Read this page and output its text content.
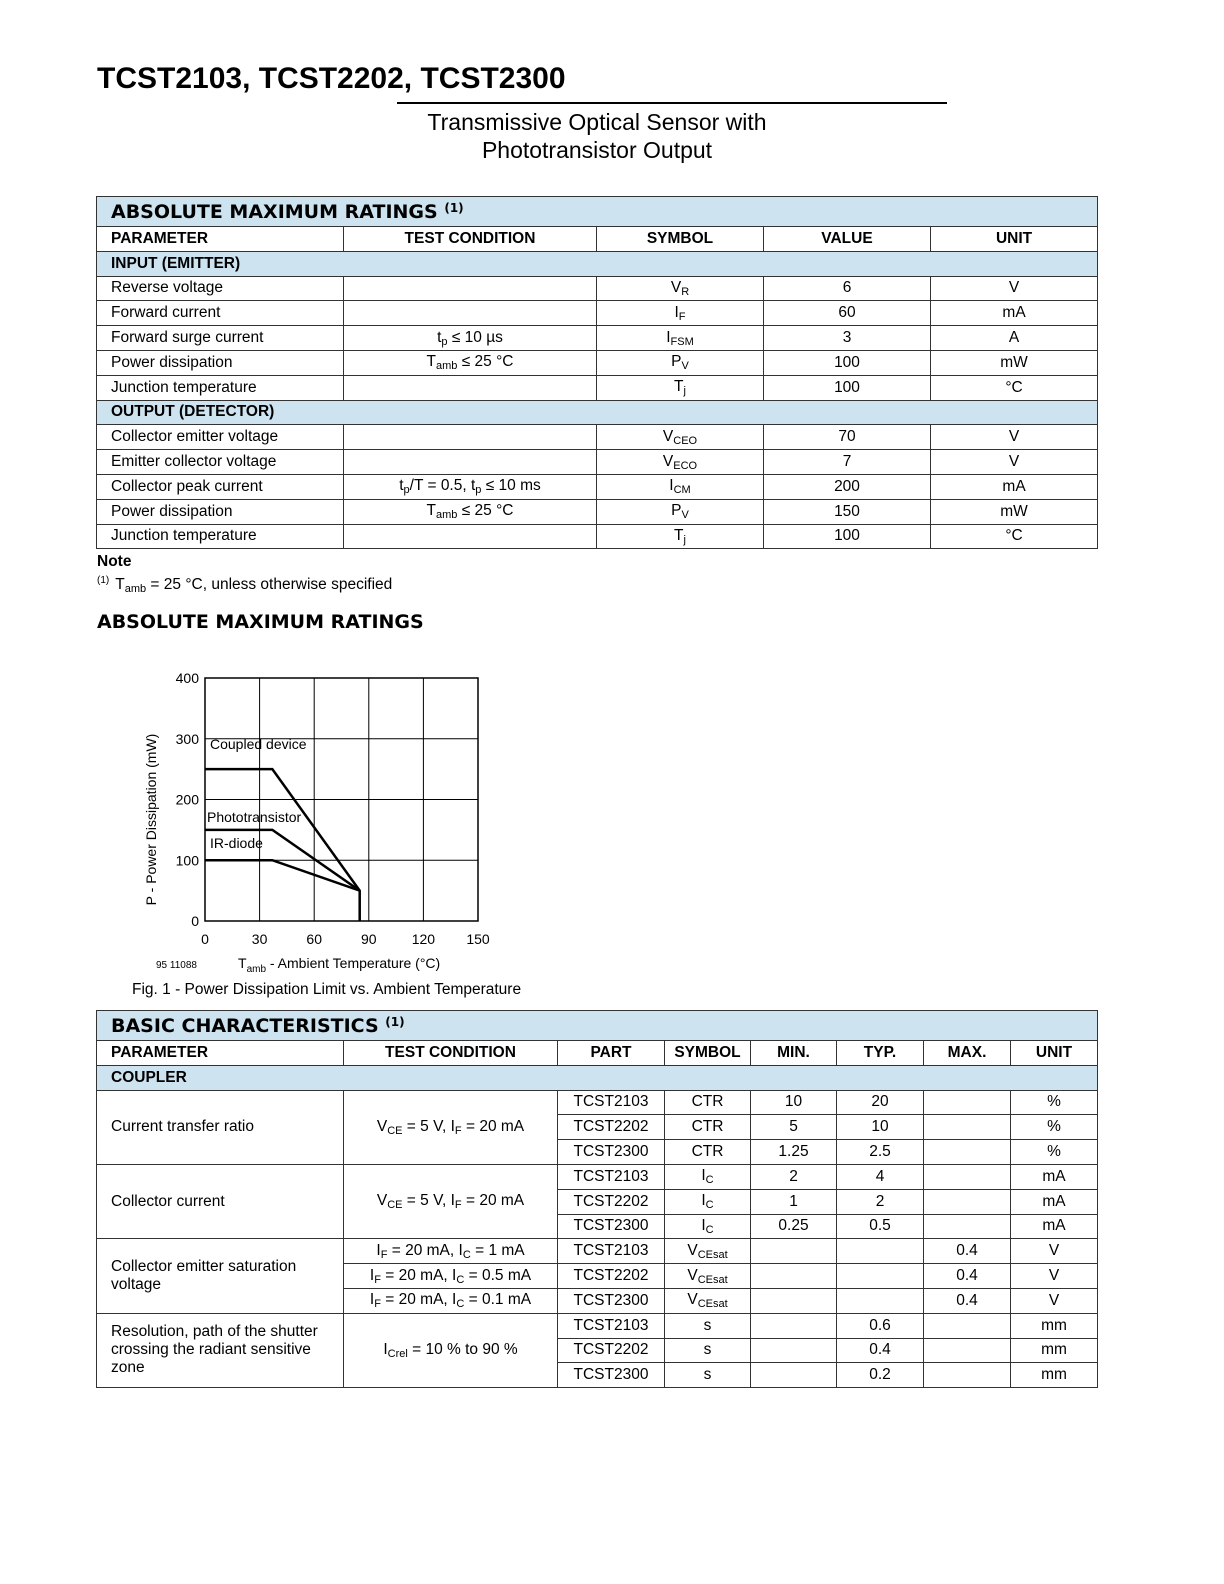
TCST2103, TCST2202, TCST2300
Transmissive Optical Sensor with
Phototransistor Output
ABSOLUTE MAXIMUM RATINGS $^{(1)}$
PARAMETER	TEST CONDITION	SYMBOL	VALUE	UNIT
INPUT (EMITTER)				
Reverse voltage		$V_R$	6	V
Forward current		$I_F$	60	mA
Forward surge current	$t_p \le 10$ µs	$I_{FSM}$	3	A
Power dissipation	$T_{amb} \le 25$ °C	$P_V$	100	mW
Junction temperature		$T_j$	100	°C
OUTPUT (DETECTOR)				
Collector emitter voltage		$V_{CEO}$	70	V
Emitter collector voltage		$V_{ECO}$	7	V
Collector peak current	$t_p/T = 0.5$, $t_p \le 10$ ms	$I_{CM}$	200	mA
Power dissipation	$T_{amb} \le 25$ °C	$P_V$	150	mW
Junction temperature		$T_j$	100	°C
Note
$^{(1)}$ $T_{amb} = 25$ °C, unless otherwise specified
ABSOLUTE MAXIMUM RATINGS
0	30	60	90	120 150
0
100
200
300
400
Coupled device
Phototransistor
IR-diode
P - Power Dissipation (mW)
95 11088	$T_{amb}$ - Ambient Temperature (°C)
Fig. 1 - Power Dissipation Limit vs. Ambient Temperature
BASIC CHARACTERISTICS $^{(1)}$
PARAMETER	TEST CONDITION	PART	SYMBOL	MIN.	TYP.	MAX.	UNIT
COUPLER							
Current transfer ratio	$V_{CE} = 5$ V, $I_F = 20$ mA	TCST2103	CTR	10	20		%
		TCST2202	CTR	5	10		%
		TCST2300	CTR	1.25	2.5		%
Collector current	$V_{CE} = 5$ V, $I_F = 20$ mA	TCST2103	$I_C$	2	4		mA
		TCST2202	$I_C$	1	2		mA
		TCST2300	$I_C$	0.25	0.5		mA
Collector emitter saturation voltage	$I_F = 20$ mA, $I_C = 1$ mA	TCST2103	$V_{CEsat}$			0.4	V
	$I_F = 20$ mA, $I_C = 0.5$ mA	TCST2202	$V_{CEsat}$			0.4	V
	$I_F = 20$ mA, $I_C = 0.1$ mA	TCST2300	$V_{CEsat}$			0.4	V
Resolution, path of the shutter crossing the radiant sensitive zone	$I_{Crel} = 10$ % to 90 %	TCST2103	s		0.6		mm
		TCST2202	s		0.4		mm
		TCST2300	s		0.2		mm
